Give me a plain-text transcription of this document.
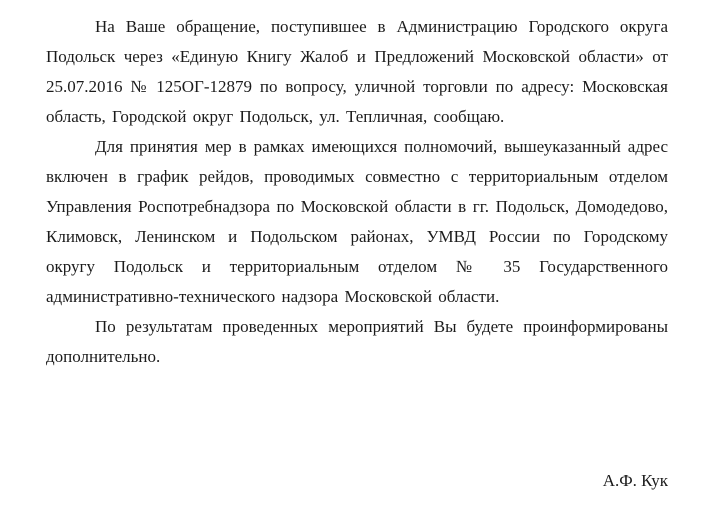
На Ваше обращение, поступившее в Администрацию Городского округа Подольск через «Единую Книгу Жалоб и Предложений Московской области» от 25.07.2016 № 125ОГ-12879 по вопросу, уличной торговли по адресу: Московская область, Городской округ Подольск, ул. Тепличная, сообщаю.

Для принятия мер в рамках имеющихся полномочий, вышеуказанный адрес включен в график рейдов, проводимых совместно с территориальным отделом Управления Роспотребнадзора по Московской области в гг. Подольск, Домодедово, Климовск, Ленинском и Подольском районах, УМВД России по Городскому округу Подольск и территориальным отделом № 35 Государственного административно-технического надзора Московской области.

По результатам проведенных мероприятий Вы будете проинформированы дополнительно.

А.Ф. Кук
